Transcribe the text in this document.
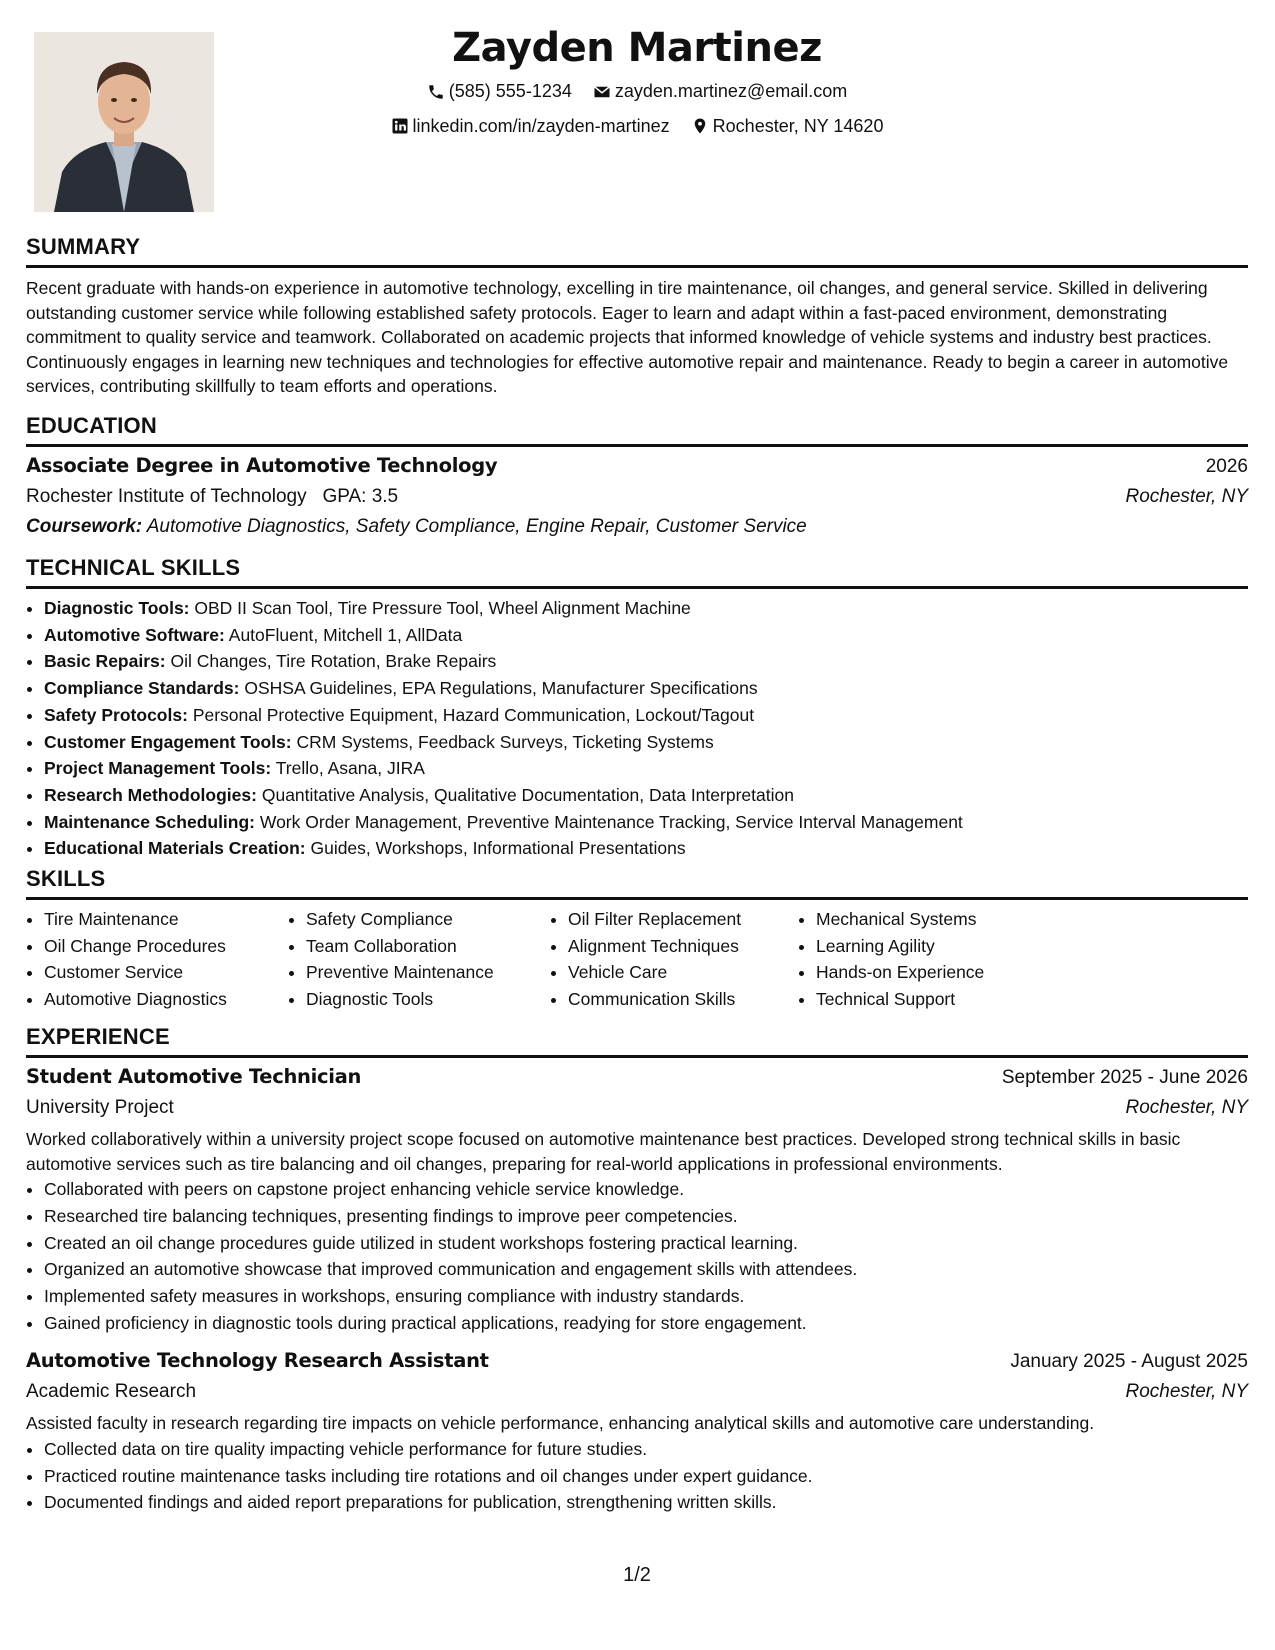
Zayden Martinez
(585) 555-1234
zayden.martinez@email.com
linkedin.com/in/zayden-martinez
Rochester, NY 14620
SUMMARY
Recent graduate with hands-on experience in automotive technology, excelling in tire maintenance, oil changes, and general service. Skilled in delivering outstanding customer service while following established safety protocols. Eager to learn and adapt within a fast-paced environment, demonstrating commitment to quality service and teamwork. Collaborated on academic projects that informed knowledge of vehicle systems and industry best practices. Continuously engages in learning new techniques and technologies for effective automotive repair and maintenance. Ready to begin a career in automotive services, contributing skillfully to team efforts and operations.
EDUCATION
Associate Degree in Automotive Technology	2026
Rochester Institute of Technology GPA: 3.5	Rochester, NY
Coursework: Automotive Diagnostics, Safety Compliance, Engine Repair, Customer Service
TECHNICAL SKILLS
• Diagnostic Tools: OBD II Scan Tool, Tire Pressure Tool, Wheel Alignment Machine
• Automotive Software: AutoFluent, Mitchell 1, AllData
• Basic Repairs: Oil Changes, Tire Rotation, Brake Repairs
• Compliance Standards: OSHSA Guidelines, EPA Regulations, Manufacturer Specifications
• Safety Protocols: Personal Protective Equipment, Hazard Communication, Lockout/Tagout
• Customer Engagement Tools: CRM Systems, Feedback Surveys, Ticketing Systems
• Project Management Tools: Trello, Asana, JIRA
• Research Methodologies: Quantitative Analysis, Qualitative Documentation, Data Interpretation
• Maintenance Scheduling: Work Order Management, Preventive Maintenance Tracking, Service Interval Management
• Educational Materials Creation: Guides, Workshops, Informational Presentations
SKILLS
• Tire Maintenance
• Oil Change Procedures
• Customer Service
• Automotive Diagnostics
• Safety Compliance
• Team Collaboration
• Preventive Maintenance
• Diagnostic Tools
• Oil Filter Replacement
• Alignment Techniques
• Vehicle Care
• Communication Skills
• Mechanical Systems
• Learning Agility
• Hands-on Experience
• Technical Support
EXPERIENCE
Student Automotive Technician	September 2025 - June 2026
University Project	Rochester, NY
Worked collaboratively within a university project scope focused on automotive maintenance best practices. Developed strong technical skills in basic automotive services such as tire balancing and oil changes, preparing for real-world applications in professional environments.
• Collaborated with peers on capstone project enhancing vehicle service knowledge.
• Researched tire balancing techniques, presenting findings to improve peer competencies.
• Created an oil change procedures guide utilized in student workshops fostering practical learning.
• Organized an automotive showcase that improved communication and engagement skills with attendees.
• Implemented safety measures in workshops, ensuring compliance with industry standards.
• Gained proficiency in diagnostic tools during practical applications, readying for store engagement.
Automotive Technology Research Assistant	January 2025 - August 2025
Academic Research	Rochester, NY
Assisted faculty in research regarding tire impacts on vehicle performance, enhancing analytical skills and automotive care understanding.
• Collected data on tire quality impacting vehicle performance for future studies.
• Practiced routine maintenance tasks including tire rotations and oil changes under expert guidance.
• Documented findings and aided report preparations for publication, strengthening written skills.
1/2
